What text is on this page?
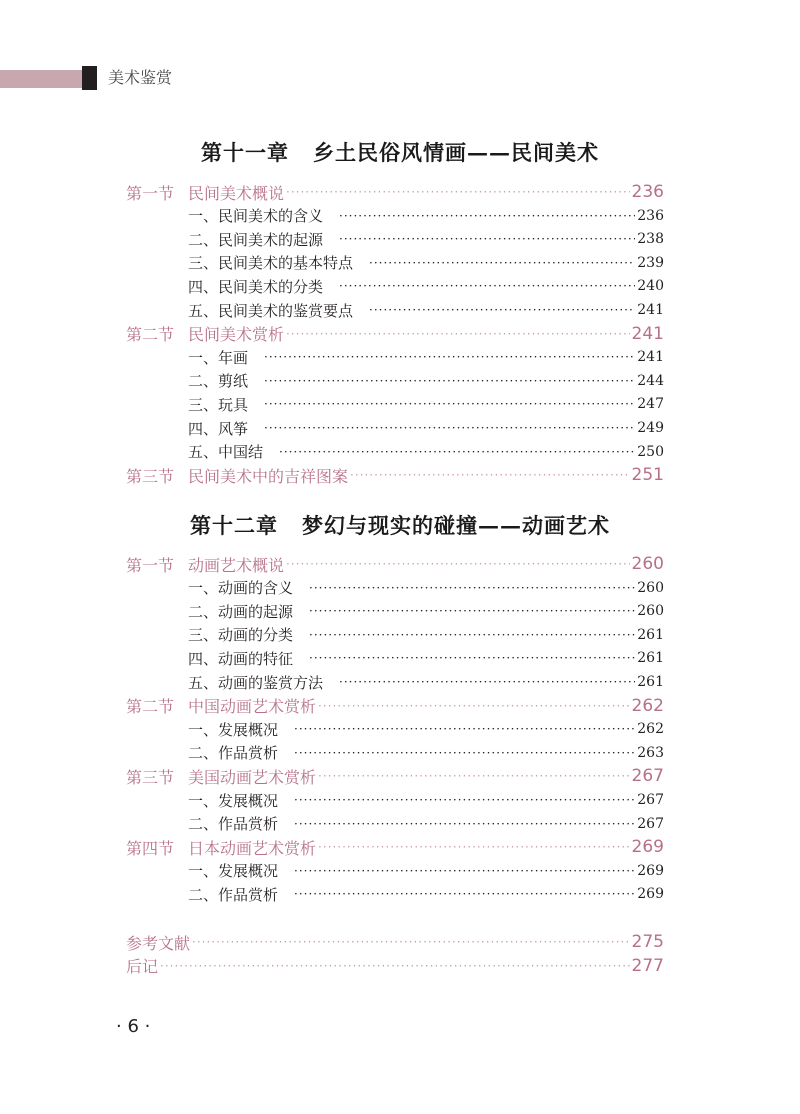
美术鉴赏
第十一章 乡土民俗风情画——民间美术
第一节 民间美术概说 ·····	236
一、民间美术的含义 ·····	236
二、民间美术的起源 ·····	238
三、民间美术的基本特点 ·····	239
四、民间美术的分类 ·····	240
五、民间美术的鉴赏要点 ·····	241
第二节 民间美术赏析 ·····	241
一、年画 ·····	241
二、剪纸 ·····	244
三、玩具 ·····	247
四、风筝 ·····	249
五、中国结 ·····	250
第三节 民间美术中的吉祥图案 ·····	251
第十二章 梦幻与现实的碰撞——动画艺术
第一节 动画艺术概说 ·····	260
一、动画的含义 ·····	260
二、动画的起源 ·····	260
三、动画的分类 ·····	261
四、动画的特征 ·····	261
五、动画的鉴赏方法 ·····	261
第二节 中国动画艺术赏析 ·····	262
一、发展概况 ·····	262
二、作品赏析 ·····	263
第三节 美国动画艺术赏析 ·····	267
一、发展概况 ·····	267
二、作品赏析 ·····	267
第四节 日本动画艺术赏析 ·····	269
一、发展概况 ·····	269
二、作品赏析 ·····	269
参考文献 ·····	275
后记 ·····	277
· 6 ·
